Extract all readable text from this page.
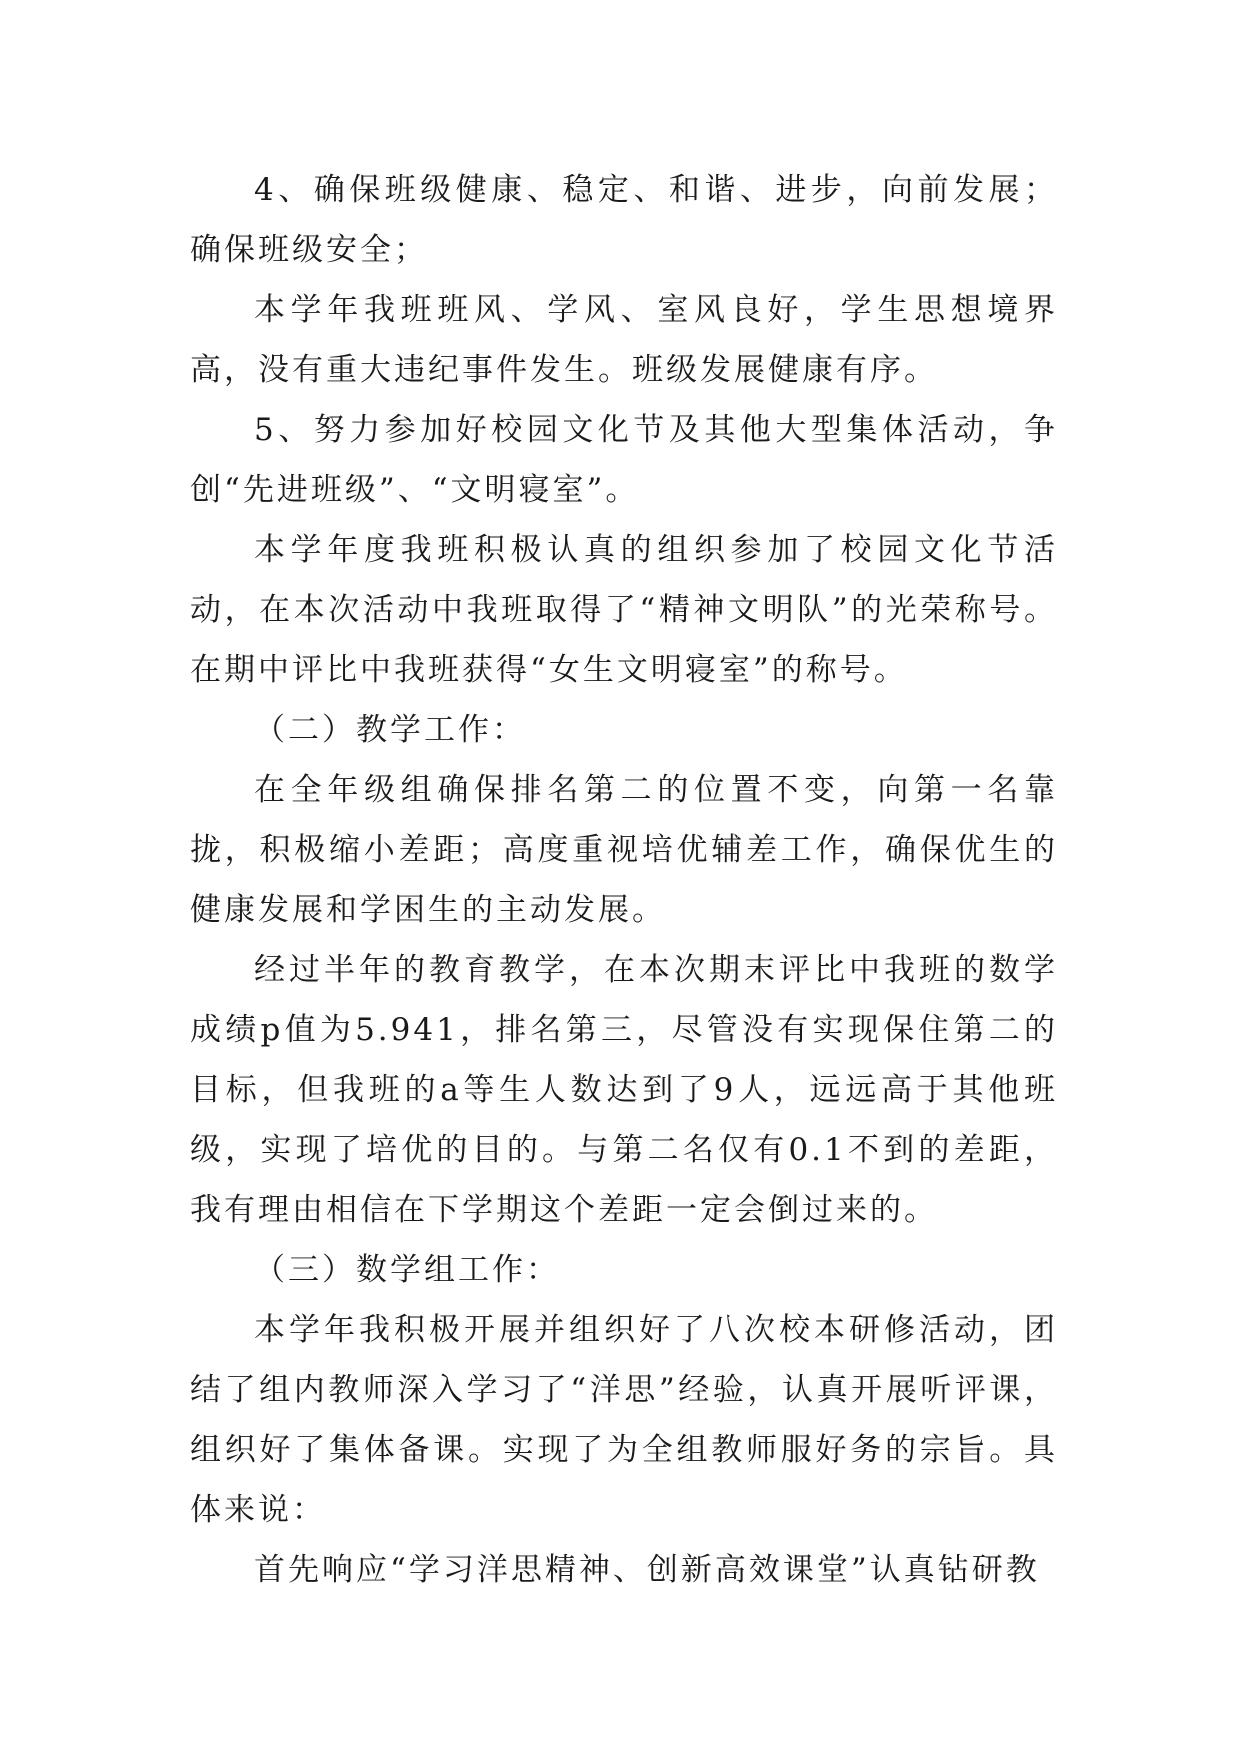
4、确保班级健康、稳定、和谐、进步，向前发展；确保班级安全；

本学年我班班风、学风、室风良好，学生思想境界高，没有重大违纪事件发生。班级发展健康有序。

5、努力参加好校园文化节及其他大型集体活动，争创“先进班级”、“文明寝室”。

本学年度我班积极认真的组织参加了校园文化节活动，在本次活动中我班取得了“精神文明队”的光荣称号。在期中评比中我班获得“女生文明寝室”的称号。

（二）教学工作：

在全年级组确保排名第二的位置不变，向第一名靠拢，积极缩小差距；高度重视培优辅差工作，确保优生的健康发展和学困生的主动发展。

经过半年的教育教学，在本次期末评比中我班的数学成绩p值为5.941，排名第三，尽管没有实现保住第二的目标，但我班的a等生人数达到了9人，远远高于其他班级，实现了培优的目的。与第二名仅有0.1不到的差距，我有理由相信在下学期这个差距一定会倒过来的。

（三）数学组工作：

本学年我积极开展并组织好了八次校本研修活动，团结了组内教师深入学习了“洋思”经验，认真开展听评课，组织好了集体备课。实现了为全组教师服好务的宗旨。具体来说：

首先响应“学习洋思精神、创新高效课堂”认真钻研教
